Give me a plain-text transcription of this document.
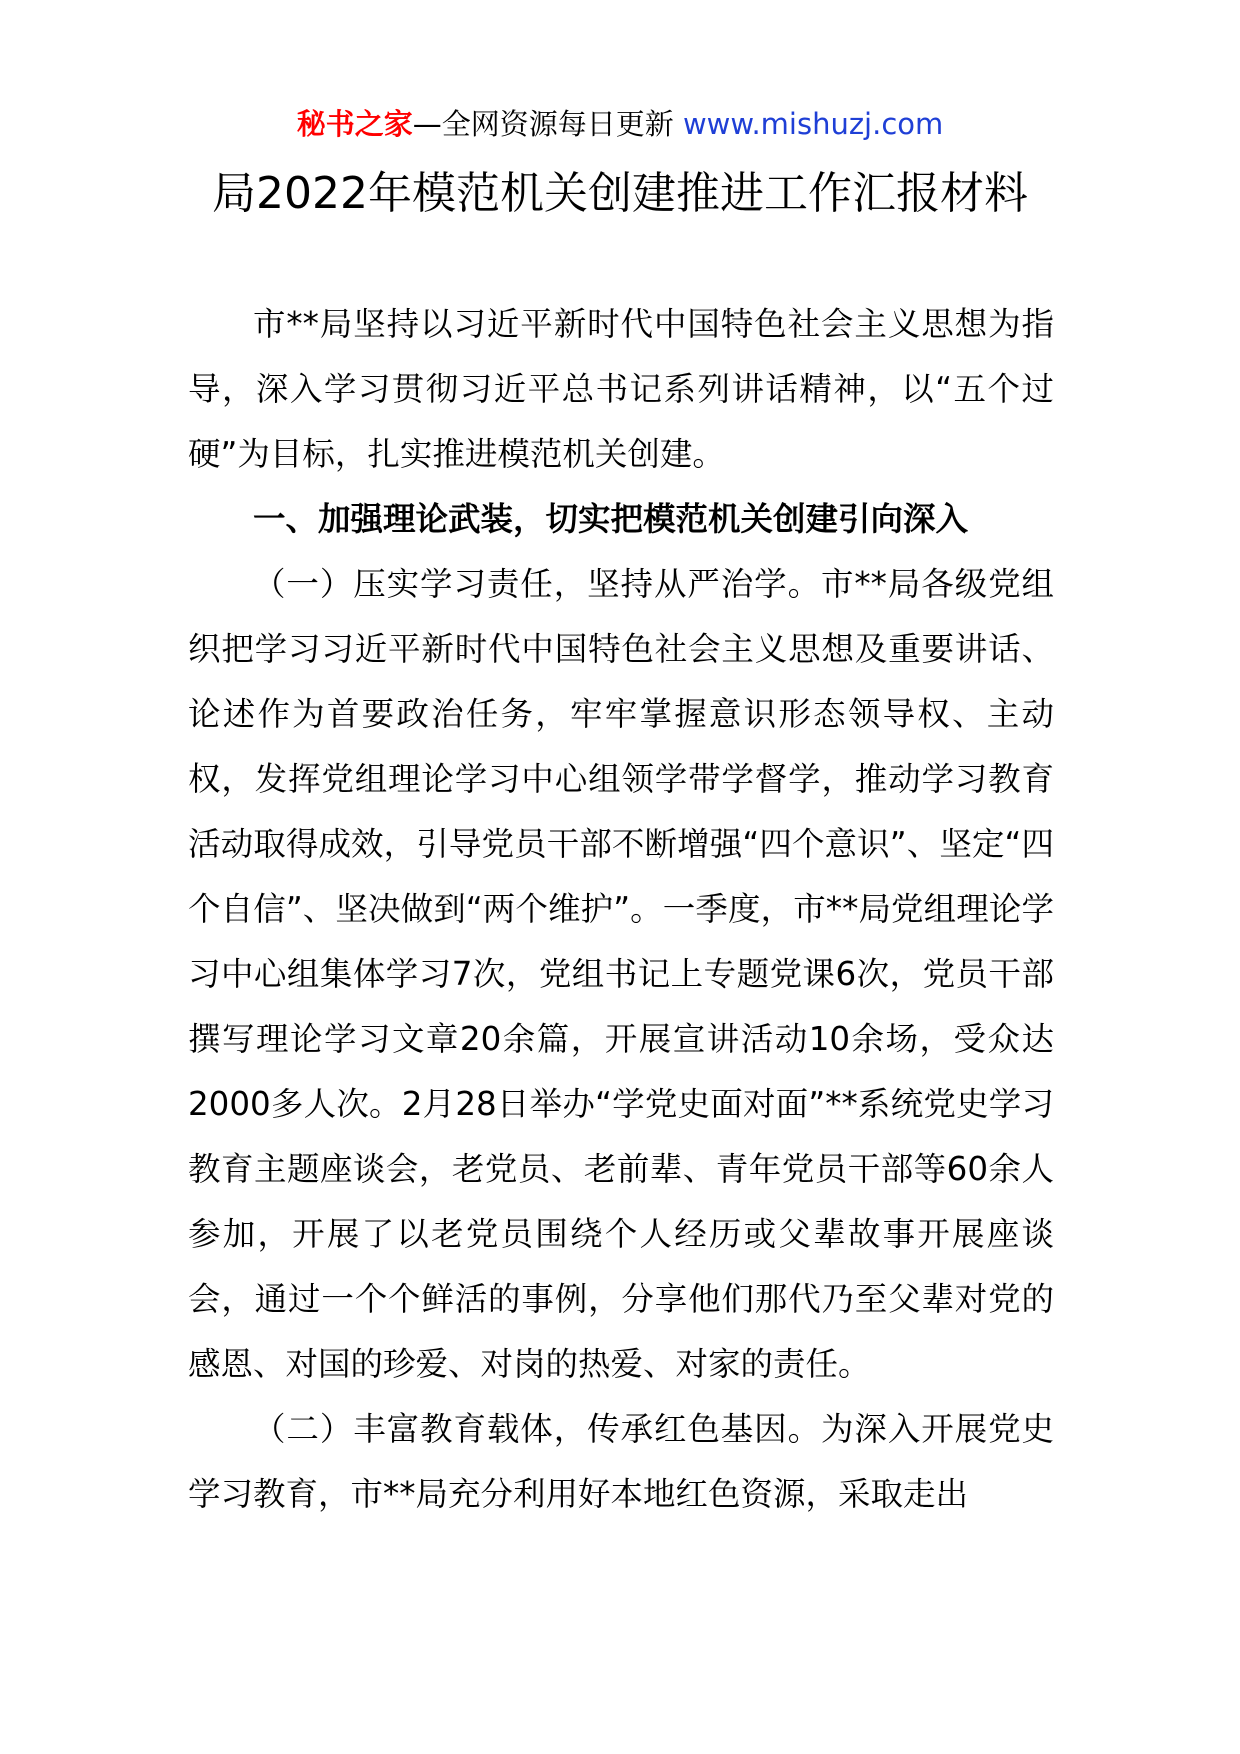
秘书之家—全网资源每日更新 www.mishuzj.com
局2022年模范机关创建推进工作汇报材料

市**局坚持以习近平新时代中国特色社会主义思想为指导，深入学习贯彻习近平总书记系列讲话精神，以“五个过硬”为目标，扎实推进模范机关创建。

一、加强理论武装，切实把模范机关创建引向深入

（一）压实学习责任，坚持从严治学。市**局各级党组织把学习习近平新时代中国特色社会主义思想及重要讲话、论述作为首要政治任务，牢牢掌握意识形态领导权、主动权，发挥党组理论学习中心组领学带学督学，推动学习教育活动取得成效，引导党员干部不断增强“四个意识”、坚定“四个自信”、坚决做到“两个维护”。一季度，市**局党组理论学习中心组集体学习7次，党组书记上专题党课6次，党员干部撰写理论学习文章20余篇，开展宣讲活动10余场，受众达2000多人次。2月28日举办“学党史面对面”**系统党史学习教育主题座谈会，老党员、老前辈、青年党员干部等60余人参加，开展了以老党员围绕个人经历或父辈故事开展座谈会，通过一个个鲜活的事例，分享他们那代乃至父辈对党的感恩、对国的珍爱、对岗的热爱、对家的责任。

（二）丰富教育载体，传承红色基因。为深入开展党史学习教育，市**局充分利用好本地红色资源，采取走出
